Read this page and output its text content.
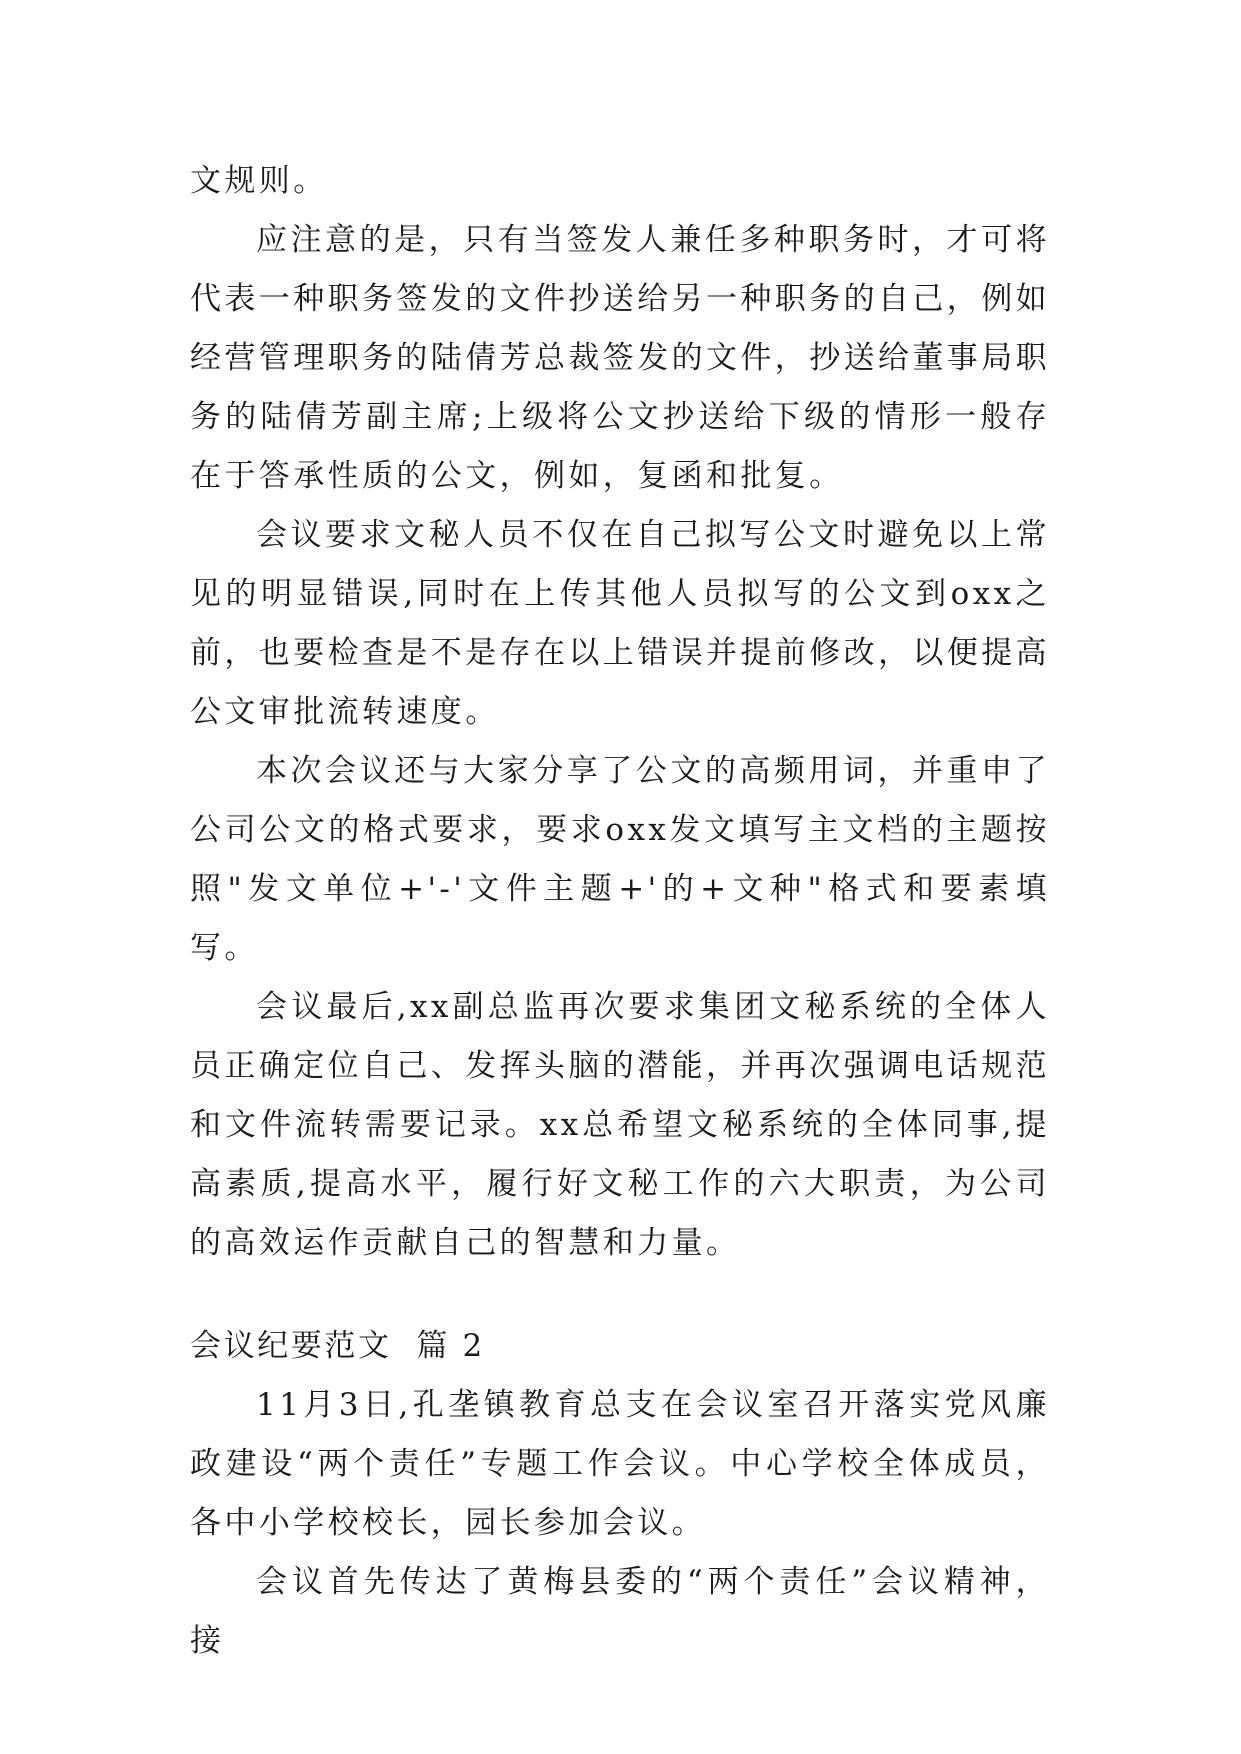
文规则。

应注意的是，只有当签发人兼任多种职务时，才可将代表一种职务签发的文件抄送给另一种职务的自己，例如经营管理职务的陆倩芳总裁签发的文件，抄送给董事局职务的陆倩芳副主席;上级将公文抄送给下级的情形一般存在于答承性质的公文，例如，复函和批复。

会议要求文秘人员不仅在自己拟写公文时避免以上常见的明显错误,同时在上传其他人员拟写的公文到oxx之前，也要检查是不是存在以上错误并提前修改，以便提高公文审批流转速度。

本次会议还与大家分享了公文的高频用词，并重申了公司公文的格式要求，要求oxx发文填写主文档的主题按照"发文单位+'-'文件主题+'的+文种"格式和要素填写。

会议最后,xx副总监再次要求集团文秘系统的全体人员正确定位自己、发挥头脑的潜能，并再次强调电话规范和文件流转需要记录。xx总希望文秘系统的全体同事,提高素质,提高水平，履行好文秘工作的六大职责，为公司的高效运作贡献自己的智慧和力量。

会议纪要范文  篇 2

11月3日,孔垄镇教育总支在会议室召开落实党风廉政建设“两个责任”专题工作会议。中心学校全体成员，各中小学校校长，园长参加会议。

会议首先传达了黄梅县委的“两个责任”会议精神，接
